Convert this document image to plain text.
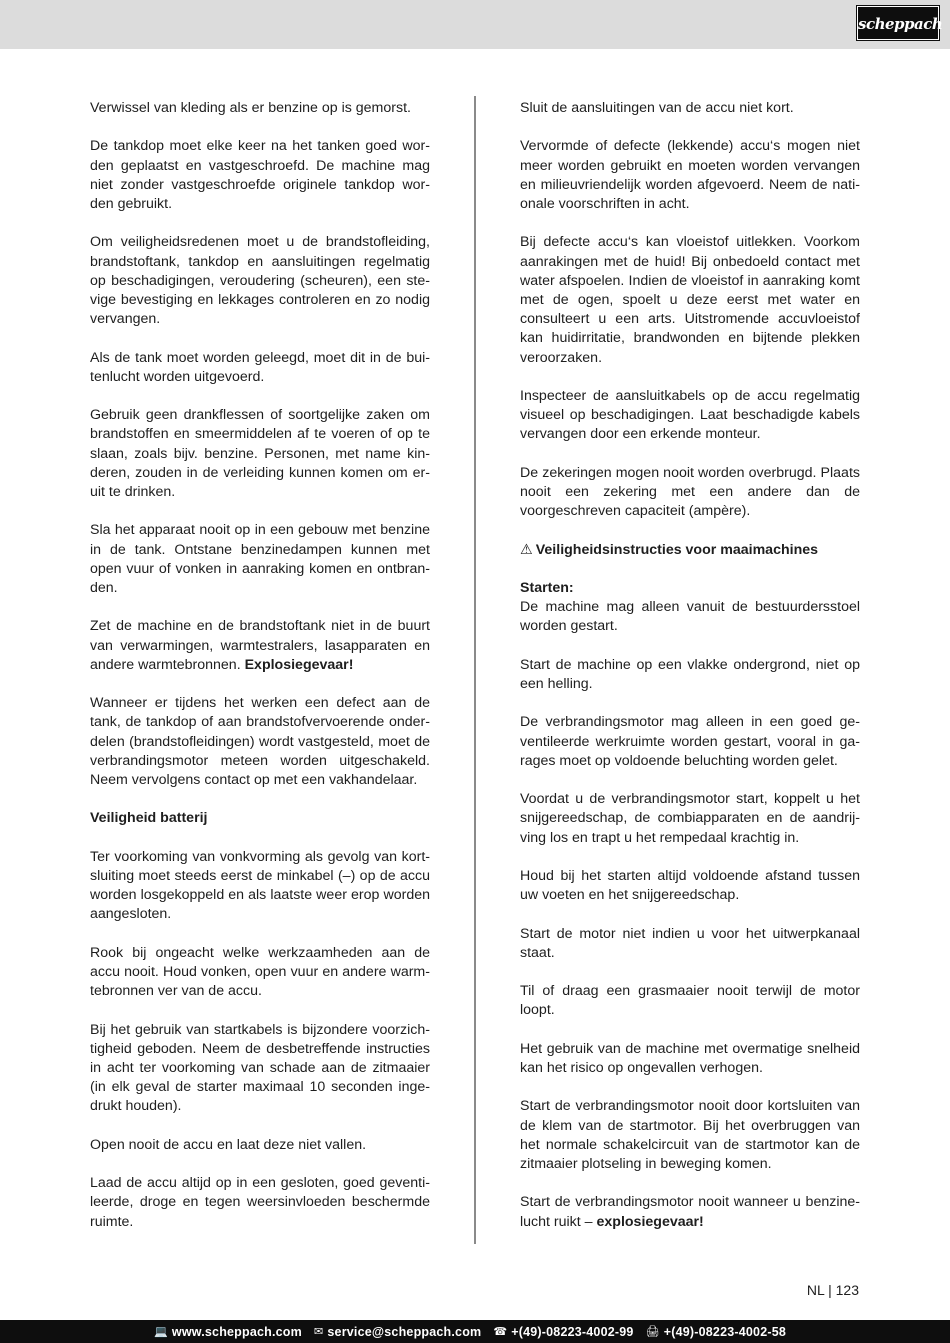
scheppach

Verwissel van kleding als er benzine op is gemorst.

De tankdop moet elke keer na het tanken goed worden geplaatst en vastgeschroefd. De machine mag niet zonder vastgeschroefde originele tankdop worden gebruikt.

Om veiligheidsredenen moet u de brandstofleiding, brandstoftank, tankdop en aansluitingen regelmatig op beschadigingen, veroudering (scheuren), een stevige bevestiging en lekkages controleren en zo nodig vervangen.

Als de tank moet worden geleegd, moet dit in de buitenlucht worden uitgevoerd.

Gebruik geen drankflessen of soortgelijke zaken om brandstoffen en smeermiddelen af te voeren of op te slaan, zoals bijv. benzine. Personen, met name kinderen, zouden in de verleiding kunnen komen om eruit te drinken.

Sla het apparaat nooit op in een gebouw met benzine in de tank. Ontstane benzinedampen kunnen met open vuur of vonken in aanraking komen en ontbranden.

Zet de machine en de brandstoftank niet in de buurt van verwarmingen, warmtestralers, lasapparaten en andere warmtebronnen. Explosiegevaar!

Wanneer er tijdens het werken een defect aan de tank, de tankdop of aan brandstofvervoerende onderdelen (brandstofleidingen) wordt vastgesteld, moet de verbrandingsmotor meteen worden uitgeschakeld. Neem vervolgens contact op met een vakhandelaar.

Veiligheid batterij

Ter voorkoming van vonkvorming als gevolg van kortsluiting moet steeds eerst de minkabel (–) op de accu worden losgekoppeld en als laatste weer erop worden aangesloten.

Rook bij ongeacht welke werkzaamheden aan de accu nooit. Houd vonken, open vuur en andere warmtebronnen ver van de accu.

Bij het gebruik van startkabels is bijzondere voorzichtigheid geboden. Neem de desbetreffende instructies in acht ter voorkoming van schade aan de zitmaaier (in elk geval de starter maximaal 10 seconden ingedrukt houden).

Open nooit de accu en laat deze niet vallen.

Laad de accu altijd op in een gesloten, goed geventileerde, droge en tegen weersinvloeden beschermde ruimte.

Sluit de aansluitingen van de accu niet kort.

Vervormde of defecte (lekkende) accu‘s mogen niet meer worden gebruikt en moeten worden vervangen en milieuvriendelijk worden afgevoerd. Neem de nationale voorschriften in acht.

Bij defecte accu‘s kan vloeistof uitlekken. Voorkom aanrakingen met de huid! Bij onbedoeld contact met water afspoelen. Indien de vloeistof in aanraking komt met de ogen, spoelt u deze eerst met water en consulteert u een arts. Uitstromende accuvloeistof kan huidirritatie, brandwonden en bijtende plekken veroorzaken.

Inspecteer de aansluitkabels op de accu regelmatig visueel op beschadigingen. Laat beschadigde kabels vervangen door een erkende monteur.

De zekeringen mogen nooit worden overbrugd. Plaats nooit een zekering met een andere dan de voorgeschreven capaciteit (ampère).

⚠ Veiligheidsinstructies voor maaimachines

Starten:
De machine mag alleen vanuit de bestuurdersstoel worden gestart.

Start de machine op een vlakke ondergrond, niet op een helling.

De verbrandingsmotor mag alleen in een goed geventileerde werkruimte worden gestart, vooral in garages moet op voldoende beluchting worden gelet.

Voordat u de verbrandingsmotor start, koppelt u het snijgereedschap, de combiapparaten en de aandrijving los en trapt u het rempedaal krachtig in.

Houd bij het starten altijd voldoende afstand tussen uw voeten en het snijgereedschap.

Start de motor niet indien u voor het uitwerpkanaal staat.

Til of draag een grasmaaier nooit terwijl de motor loopt.

Het gebruik van de machine met overmatige snelheid kan het risico op ongevallen verhogen.

Start de verbrandingsmotor nooit door kortsluiten van de klem van de startmotor. Bij het overbruggen van het normale schakelcircuit van de startmotor kan de zitmaaier plotseling in beweging komen.

Start de verbrandingsmotor nooit wanneer u benzinelucht ruikt – explosiegevaar!

NL | 123
💻 www.scheppach.com ✉ service@scheppach.com ☎ +(49)-08223-4002-99 🖨 +(49)-08223-4002-58
